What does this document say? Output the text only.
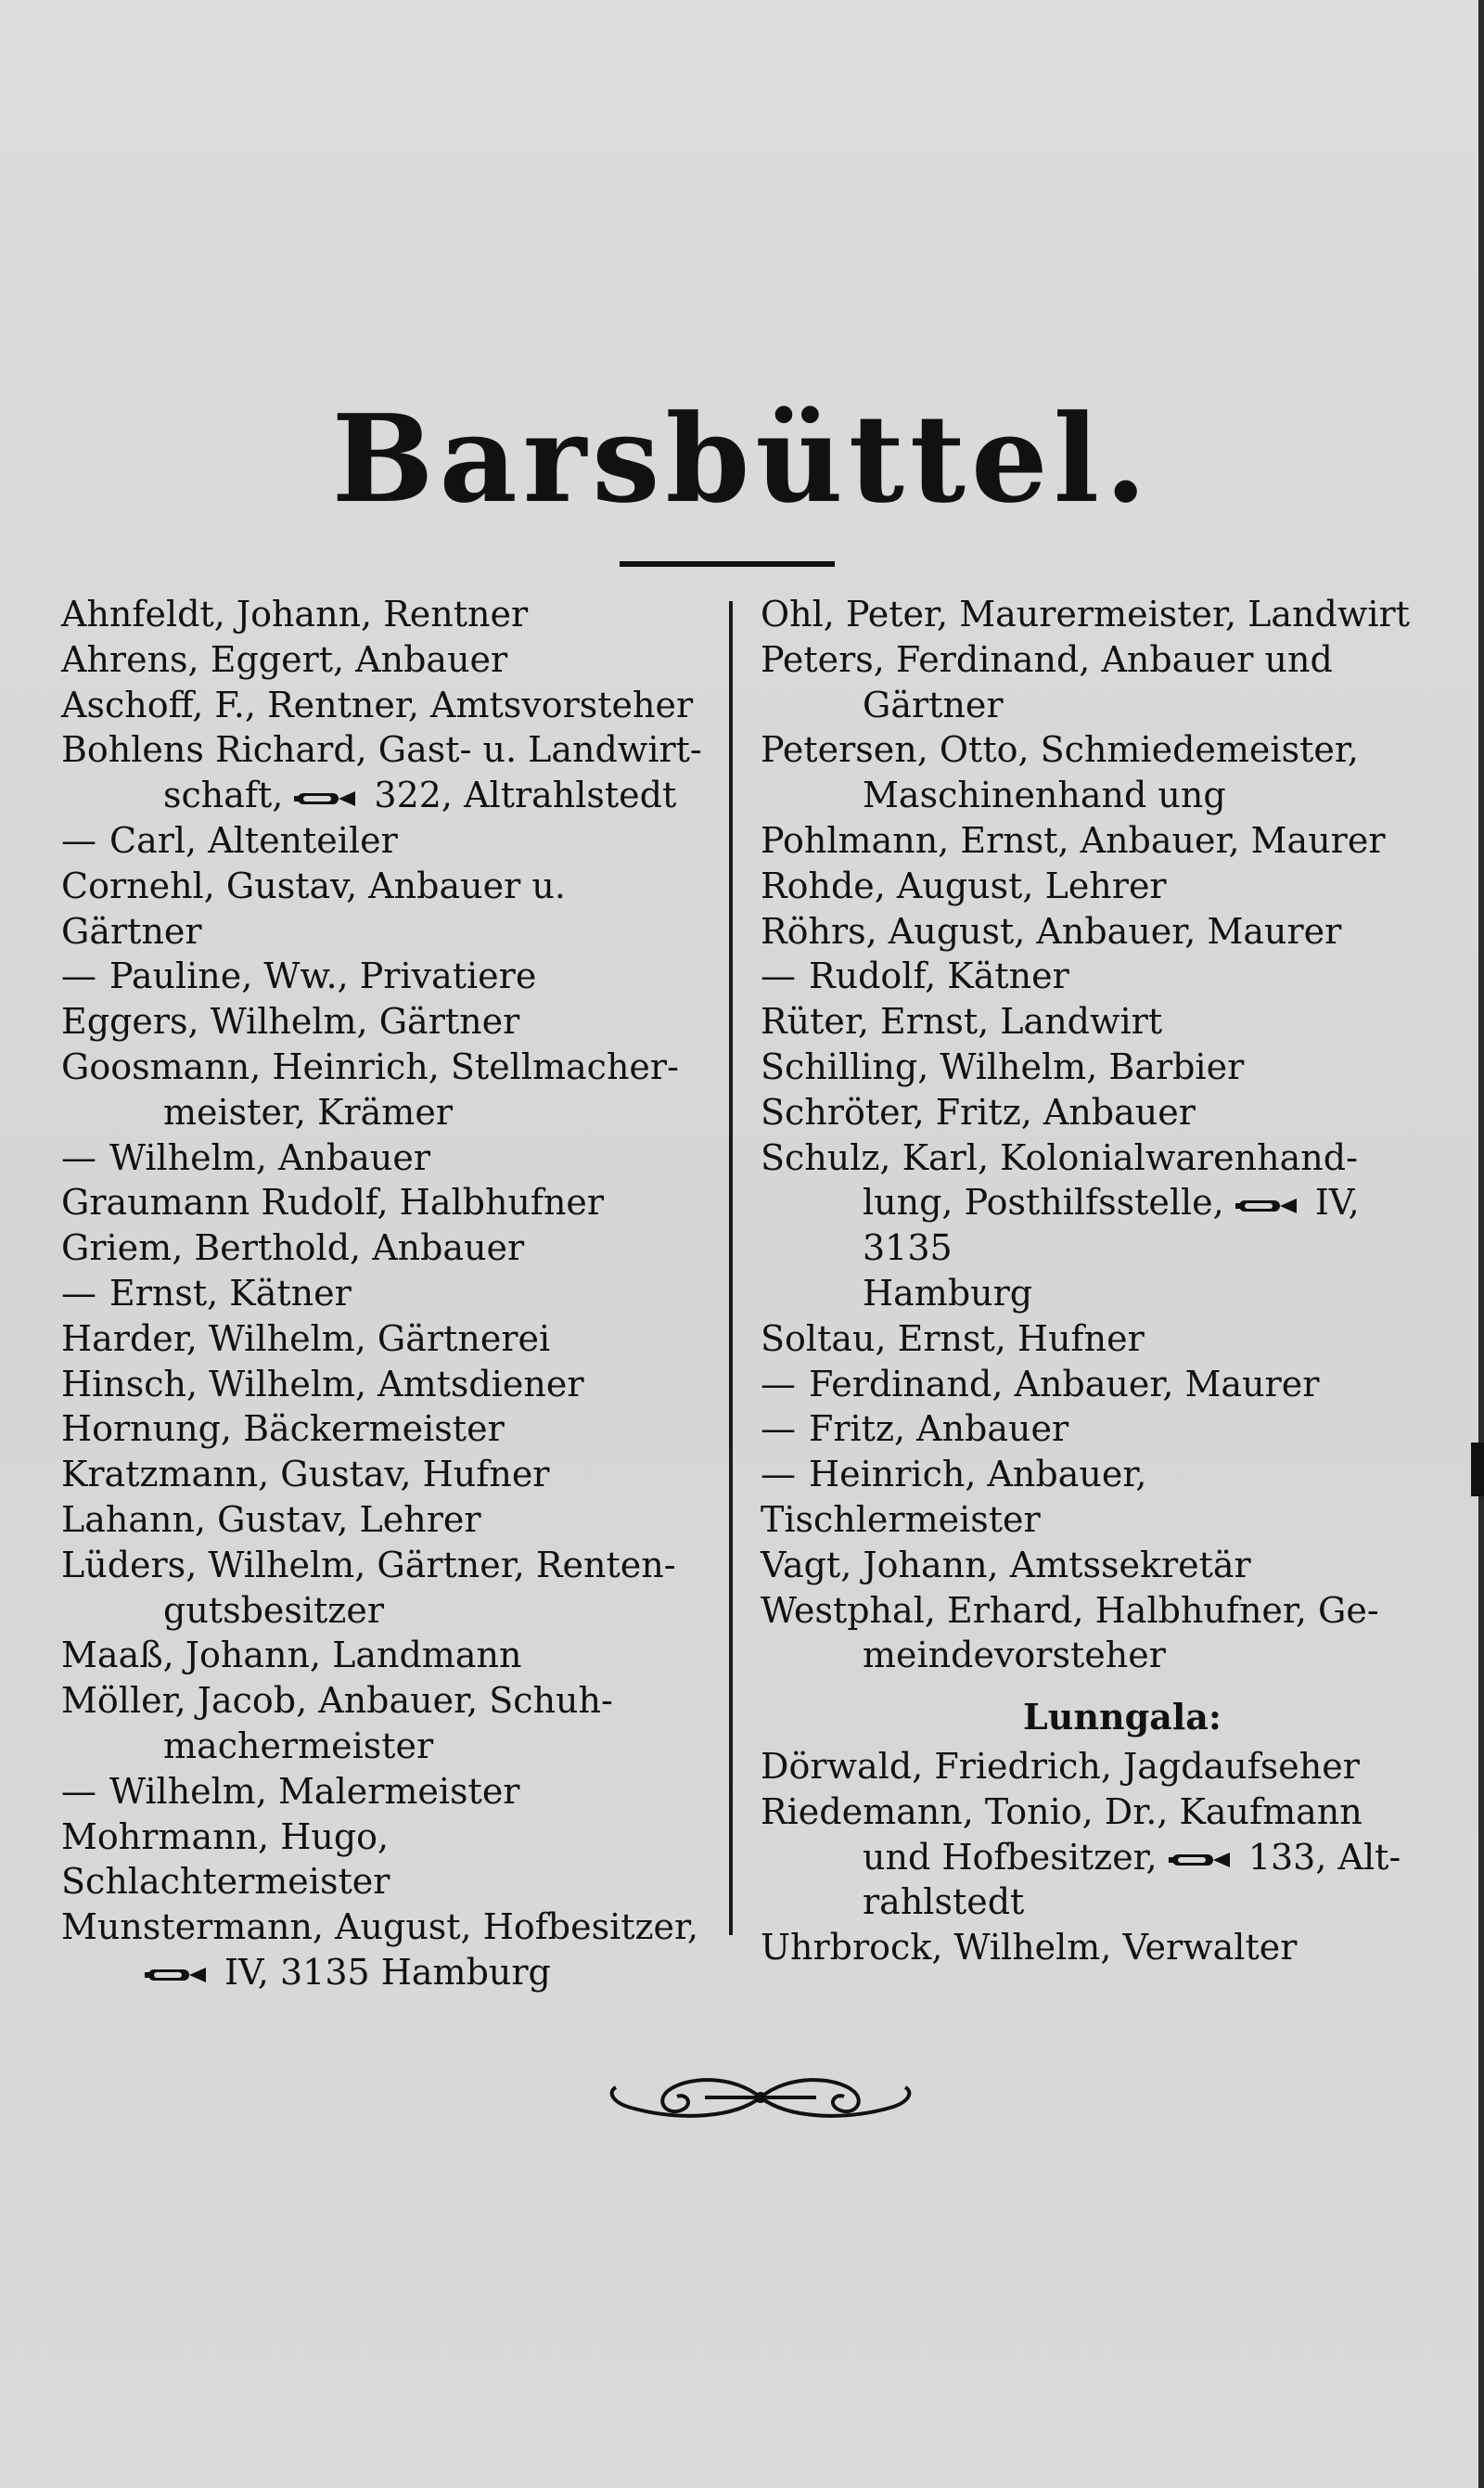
Barsbüttel.
Ahnfeldt, Johann, Rentner
Ahrens, Eggert, Anbauer
Aschoff, F., Rentner, Amtsvorsteher
Bohlens Richard, Gast- u. Landwirt-
schaft, 322, Altrahlstedt
— Carl, Altenteiler
Cornehl, Gustav, Anbauer u. Gärtner
— Pauline, Ww., Privatiere
Eggers, Wilhelm, Gärtner
Goosmann, Heinrich, Stellmacher-
meister, Krämer
— Wilhelm, Anbauer
Graumann Rudolf, Halbhufner
Griem, Berthold, Anbauer
— Ernst, Kätner
Harder, Wilhelm, Gärtnerei
Hinsch, Wilhelm, Amtsdiener
Hornung, Bäckermeister
Kratzmann, Gustav, Hufner
Lahann, Gustav, Lehrer
Lüders, Wilhelm, Gärtner, Renten-
gutsbesitzer
Maaß, Johann, Landmann
Möller, Jacob, Anbauer, Schuh-
machermeister
— Wilhelm, Malermeister
Mohrmann, Hugo, Schlachtermeister
Munstermann, August, Hofbesitzer,
IV, 3135 Hamburg
Ohl, Peter, Maurermeister, Landwirt
Peters, Ferdinand, Anbauer und
Gärtner
Petersen, Otto, Schmiedemeister,
Maschinenhand ung
Pohlmann, Ernst, Anbauer, Maurer
Rohde, August, Lehrer
Röhrs, August, Anbauer, Maurer
— Rudolf, Kätner
Rüter, Ernst, Landwirt
Schilling, Wilhelm, Barbier
Schröter, Fritz, Anbauer
Schulz, Karl, Kolonialwarenhand-
lung, Posthilfsstelle, IV, 3135
Hamburg
Soltau, Ernst, Hufner
— Ferdinand, Anbauer, Maurer
— Fritz, Anbauer
— Heinrich, Anbauer, Tischlermeister
Vagt, Johann, Amtssekretär
Westphal, Erhard, Halbhufner, Ge-
meindevorsteher
Lunngala:
Dörwald, Friedrich, Jagdaufseher
Riedemann, Tonio, Dr., Kaufmann
und Hofbesitzer, 133, Alt-
rahlstedt
Uhrbrock, Wilhelm, Verwalter
